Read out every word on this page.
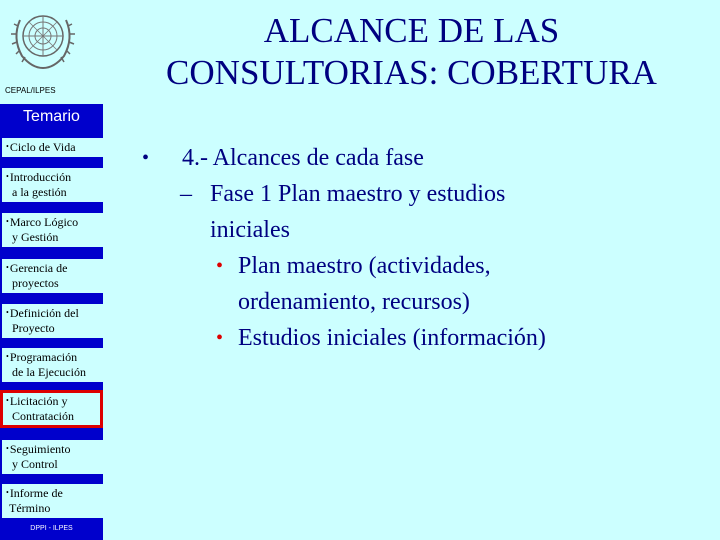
CEPAL/ILPES
Temario
•Ciclo de Vida
•Introducción
a la gestión
•Marco Lógico
y Gestión
•Gerencia de
proyectos
•Definición del
Proyecto
•Programación
de la Ejecución
•Licitación y
Contratación
•Seguimiento
y Control
•Informe de
Término
DPPI - ILPES
ALCANCE DE LAS
CONSULTORIAS: COBERTURA
• 4.- Alcances de cada fase
– Fase 1 Plan maestro y estudios
iniciales
• Plan maestro (actividades,
ordenamiento, recursos)
• Estudios iniciales (información)
